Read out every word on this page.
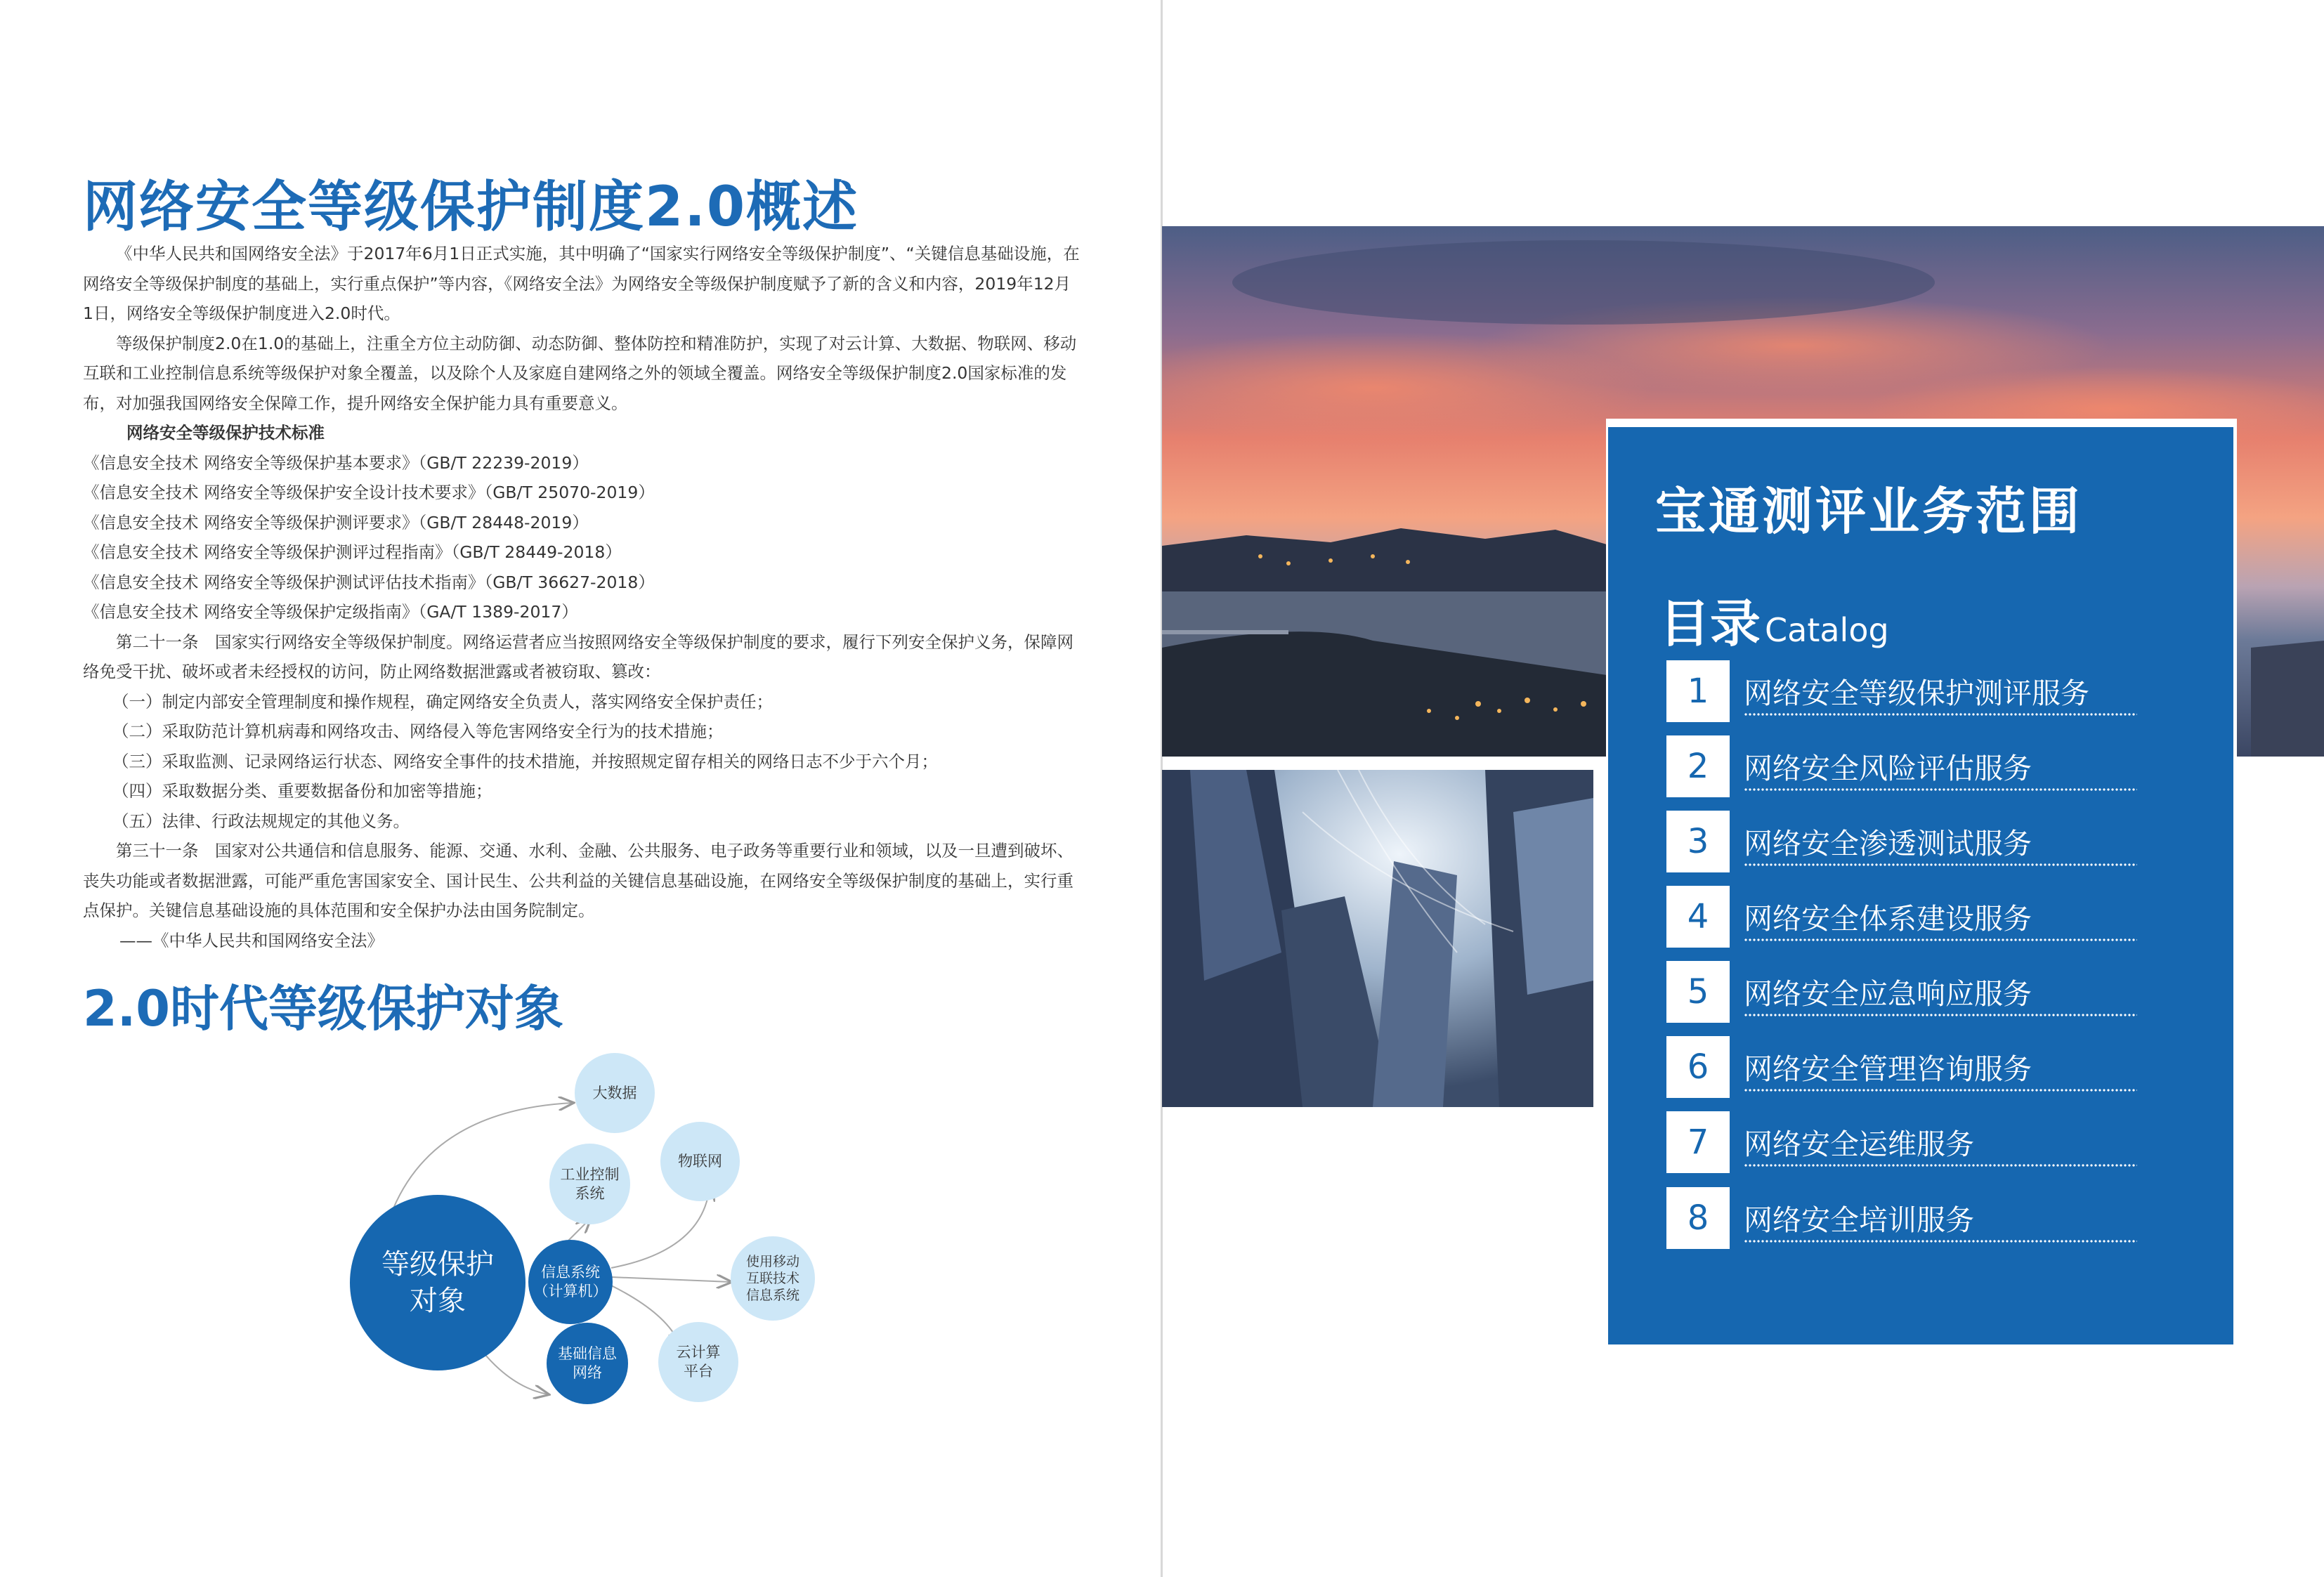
网络安全等级保护制度2.0概述

《中华人民共和国网络安全法》于2017年6月1日正式实施，其中明确了“国家实行网络安全等级保护制度”、“关键信息基础设施，在网络安全等级保护制度的基础上，实行重点保护”等内容，《网络安全法》为网络安全等级保护制度赋予了新的含义和内容，2019年12月1日，网络安全等级保护制度进入2.0时代。

等级保护制度2.0在1.0的基础上，注重全方位主动防御、动态防御、整体防控和精准防护，实现了对云计算、大数据、物联网、移动互联和工业控制信息系统等级保护对象全覆盖，以及除个人及家庭自建网络之外的领域全覆盖。网络安全等级保护制度2.0国家标准的发布，对加强我国网络安全保障工作，提升网络安全保护能力具有重要意义。

网络安全等级保护技术标准

《信息安全技术 网络安全等级保护基本要求》（GB/T 22239-2019）

《信息安全技术 网络安全等级保护安全设计技术要求》（GB/T 25070-2019）

《信息安全技术 网络安全等级保护测评要求》（GB/T 28448-2019）

《信息安全技术 网络安全等级保护测评过程指南》（GB/T 28449-2018）

《信息安全技术 网络安全等级保护测试评估技术指南》（GB/T 36627-2018）

《信息安全技术 网络安全等级保护定级指南》（GA/T 1389-2017）

第二十一条　国家实行网络安全等级保护制度。网络运营者应当按照网络安全等级保护制度的要求，履行下列安全保护义务，保障网络免受干扰、破坏或者未经授权的访问，防止网络数据泄露或者被窃取、篡改：

（一）制定内部安全管理制度和操作规程，确定网络安全负责人，落实网络安全保护责任；

（二）采取防范计算机病毒和网络攻击、网络侵入等危害网络安全行为的技术措施；

（三）采取监测、记录网络运行状态、网络安全事件的技术措施，并按照规定留存相关的网络日志不少于六个月；

（四）采取数据分类、重要数据备份和加密等措施；

（五）法律、行政法规规定的其他义务。

第三十一条　国家对公共通信和信息服务、能源、交通、水利、金融、公共服务、电子政务等重要行业和领域，以及一旦遭到破坏、丧失功能或者数据泄露，可能严重危害国家安全、国计民生、公共利益的关键信息基础设施，在网络安全等级保护制度的基础上，实行重点保护。关键信息基础设施的具体范围和安全保护办法由国务院制定。

——《中华人民共和国网络安全法》

2.0时代等级保护对象
等级保护
对象
大数据
工业控制
系统
物联网
信息系统
（计算机）
使用移动
互联技术
信息系统
基础信息
网络
云计算
平台
宝通测评业务范围
目录 Catalog
1	网络安全等级保护测评服务
2	网络安全风险评估服务
3	网络安全渗透测试服务
4	网络安全体系建设服务
5	网络安全应急响应服务
6	网络安全管理咨询服务
7	网络安全运维服务
8	网络安全培训服务
